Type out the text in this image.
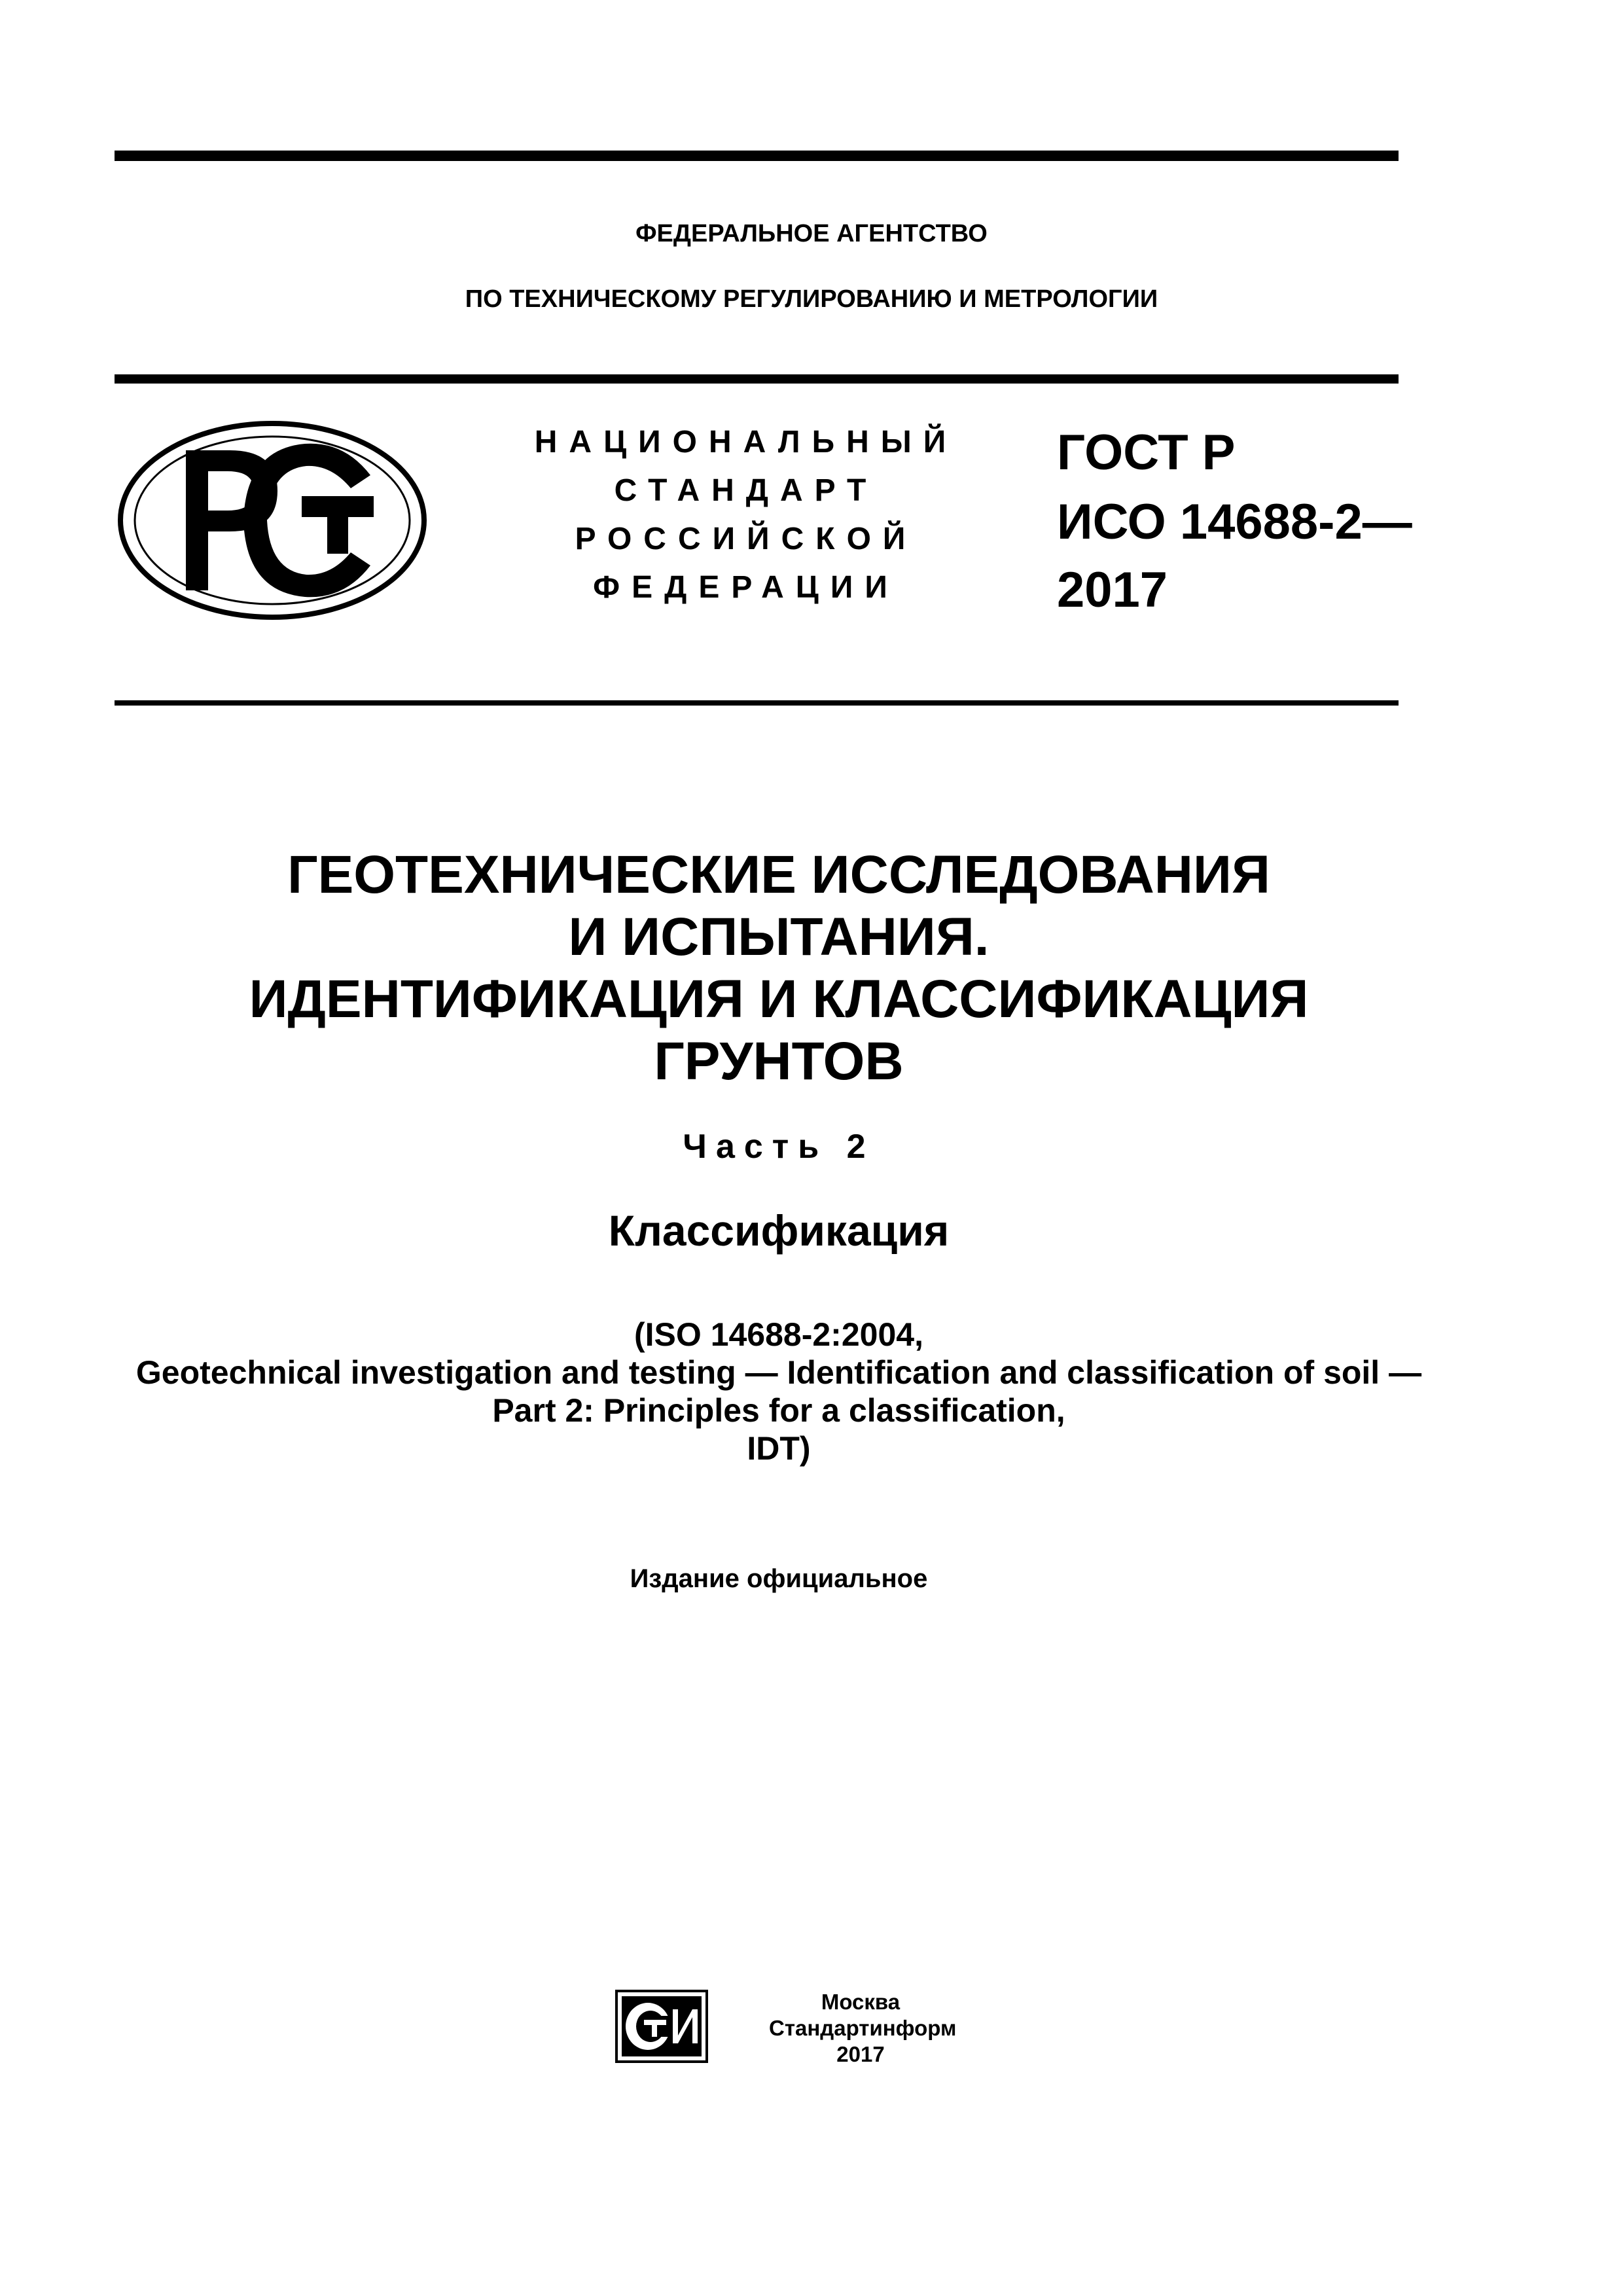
ФЕДЕРАЛЬНОЕ АГЕНТСТВО
ПО ТЕХНИЧЕСКОМУ РЕГУЛИРОВАНИЮ И МЕТРОЛОГИИ
НАЦИОНАЛЬНЫЙ
СТАНДАРТ
РОССИЙСКОЙ
ФЕДЕРАЦИИ
ГОСТ Р
ИСО 14688-2—
2017
ГЕОТЕХНИЧЕСКИЕ ИССЛЕДОВАНИЯ
И ИСПЫТАНИЯ.
ИДЕНТИФИКАЦИЯ И КЛАССИФИКАЦИЯ
ГРУНТОВ
Часть 2
Классификация
(ISO 14688-2:2004,
Geotechnical investigation and testing — Identification and classification of soil —
Part 2: Principles for a classification,
IDT)
Издание официальное
Москва
Стандартинформ
2017
